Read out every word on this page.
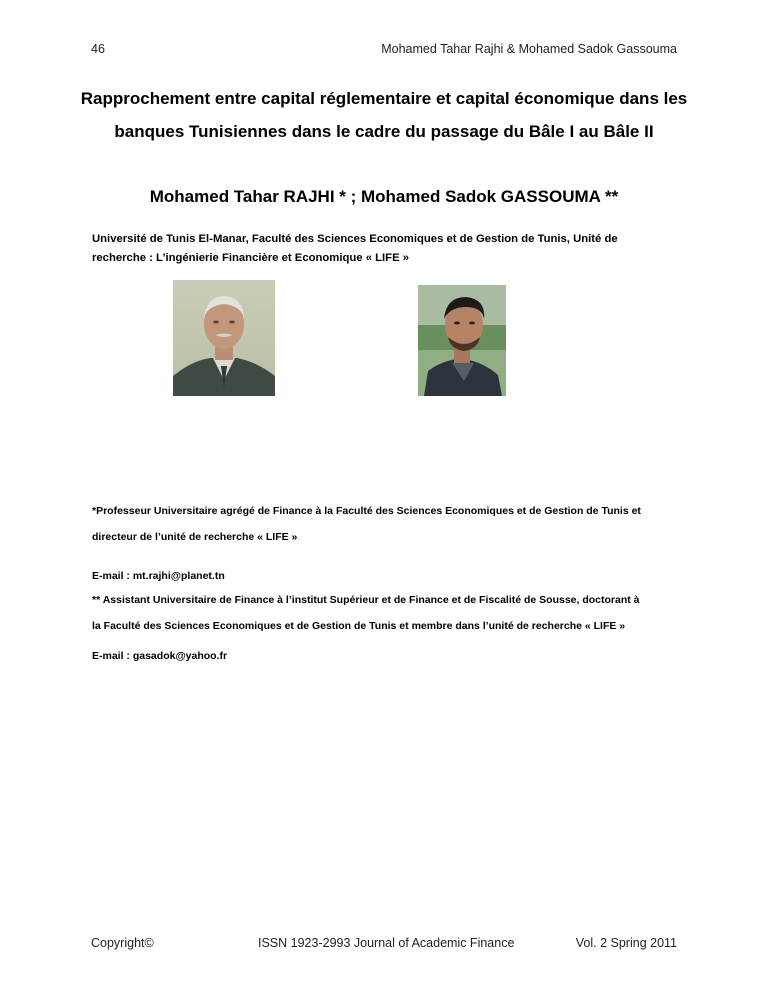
46	Mohamed Tahar Rajhi & Mohamed Sadok Gassouma
Rapprochement entre capital réglementaire et capital économique dans les
banques Tunisiennes dans le cadre du passage du Bâle I au Bâle II
Mohamed Tahar RAJHI * ; Mohamed Sadok GASSOUMA **
Université de Tunis El-Manar, Faculté des Sciences Economiques et de Gestion de Tunis, Unité de
recherche : L’ingénierie Financière et Economique « LIFE »
*Professeur Universitaire agrégé de Finance à la Faculté des Sciences Economiques et de Gestion de Tunis et
directeur de l’unité de recherche « LIFE »
E-mail : mt.rajhi@planet.tn
** Assistant Universitaire de Finance à l’institut Supérieur et de Finance et de Fiscalité de Sousse, doctorant à
la Faculté des Sciences Economiques et de Gestion de Tunis et membre dans l’unité de recherche « LIFE »
E-mail : gasadok@yahoo.fr
Copyright©	ISSN 1923-2993 Journal of Academic Finance	Vol. 2 Spring 2011
